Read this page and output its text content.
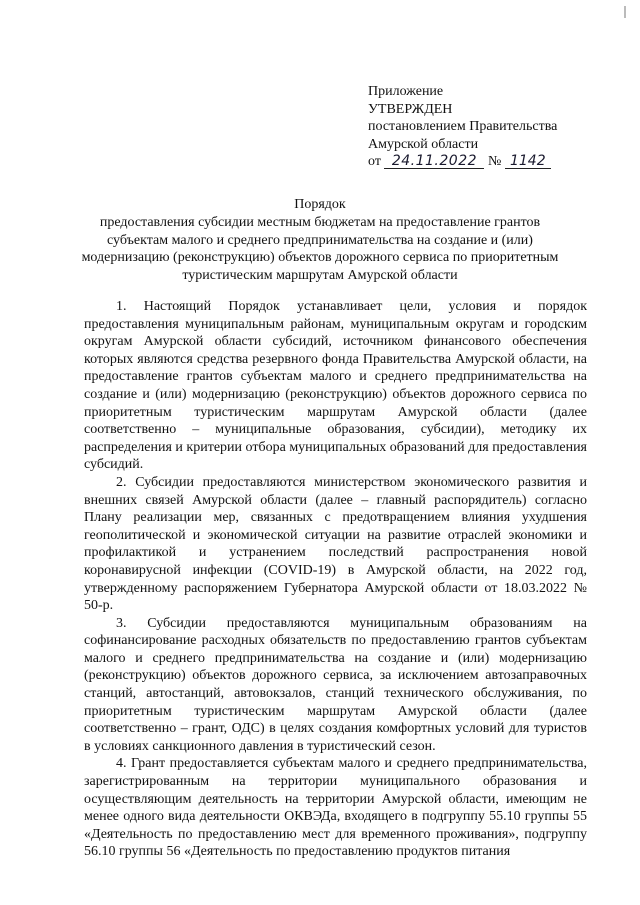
Приложение
УТВЕРЖДЕН
постановлением Правительства
Амурской области
от 24.11.2022 № 1142
Порядок
предоставления субсидии местным бюджетам на предоставление грантов
субъектам малого и среднего предпринимательства на создание и (или)
модернизацию (реконструкцию) объектов дорожного сервиса по приоритетным
туристическим маршрутам Амурской области

1. Настоящий Порядок устанавливает цели, условия и порядок предоставления муниципальным районам, муниципальным округам и городским округам Амурской области субсидий, источником финансового обеспечения которых являются средства резервного фонда Правительства Амурской области, на предоставление грантов субъектам малого и среднего предпринимательства на создание и (или) модернизацию (реконструкцию) объектов дорожного сервиса по приоритетным туристическим маршрутам Амурской области (далее соответственно – муниципальные образования, субсидии), методику их распределения и критерии отбора муниципальных образований для предоставления субсидий.

2. Субсидии предоставляются министерством экономического развития и внешних связей Амурской области (далее – главный распорядитель) согласно Плану реализации мер, связанных с предотвращением влияния ухудшения геополитической и экономической ситуации на развитие отраслей экономики и профилактикой и устранением последствий распространения новой коронавирусной инфекции (COVID-19) в Амурской области, на 2022 год, утвержденному распоряжением Губернатора Амурской области от 18.03.2022 № 50-р.

3. Субсидии предоставляются муниципальным образованиям на софинансирование расходных обязательств по предоставлению грантов субъектам малого и среднего предпринимательства на создание и (или) модернизацию (реконструкцию) объектов дорожного сервиса, за исключением автозаправочных станций, автостанций, автовокзалов, станций технического обслуживания, по приоритетным туристическим маршрутам Амурской области (далее соответственно – грант, ОДС) в целях создания комфортных условий для туристов в условиях санкционного давления в туристический сезон.

4. Грант предоставляется субъектам малого и среднего предпринимательства, зарегистрированным на территории муниципального образования и осуществляющим деятельность на территории Амурской области, имеющим не менее одного вида деятельности ОКВЭДа, входящего в подгруппу 55.10 группы 55 «Деятельность по предоставлению мест для временного проживания», подгруппу 56.10 группы 56 «Деятельность по предоставлению продуктов питания
